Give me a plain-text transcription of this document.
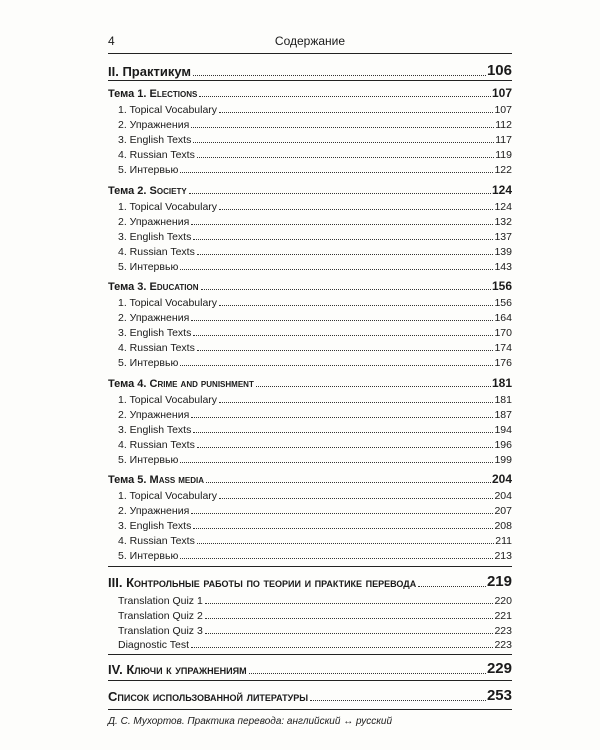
4	Содержание
II. Практикум	106
Тема 1. Elections	107
1. Topical Vocabulary	107
2. Упражнения	112
3. English Texts	117
4. Russian Texts	119
5. Интервью	122
Тема 2. Society	124
1. Topical Vocabulary	124
2. Упражнения	132
3. English Texts	137
4. Russian Texts	139
5. Интервью	143
Тема 3. Education	156
1. Topical Vocabulary	156
2. Упражнения	164
3. English Texts	170
4. Russian Texts	174
5. Интервью	176
Тема 4. Crime and punishment	181
1. Topical Vocabulary	181
2. Упражнения	187
3. English Texts	194
4. Russian Texts	196
5. Интервью	199
Тема 5. Mass media	204
1. Topical Vocabulary	204
2. Упражнения	207
3. English Texts	208
4. Russian Texts	211
5. Интервью	213
III. Контрольные работы по теории и практике перевода	219
Translation Quiz 1	220
Translation Quiz 2	221
Translation Quiz 3	223
Diagnostic Test	223
IV. Ключи к упражнениям	229
Список использованной литературы	253
Д. С. Мухортов. Практика перевода: английский ↔ русский
